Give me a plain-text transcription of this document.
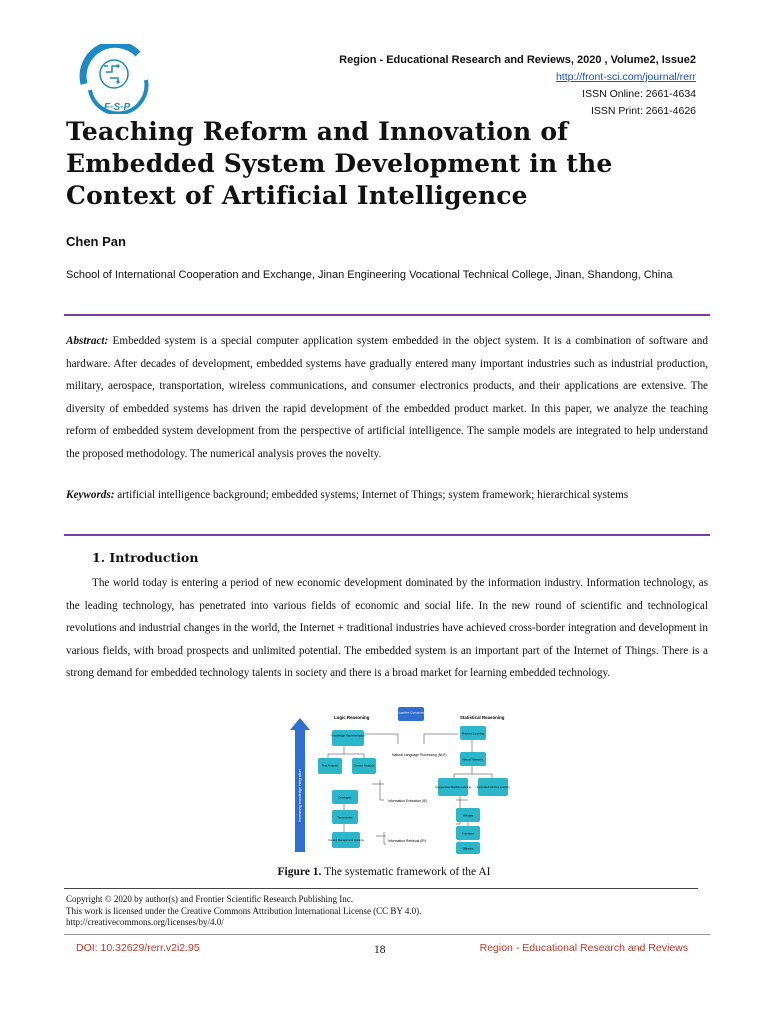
F·S·P
Region - Educational Research and Reviews, 2020 , Volume2, Issue2
http://front-sci.com/journal/rerr
ISSN Online: 2661-4634
ISSN Print: 2661-4626
Teaching Reform and Innovation of Embedded System Development in the Context of Artificial Intelligence
Chen Pan
School of International Cooperation and Exchange, Jinan Engineering Vocational Technical College, Jinan, Shandong, China
Abstract: Embedded system is a special computer application system embedded in the object system. It is a combination of software and hardware. After decades of development, embedded systems have gradually entered many important industries such as industrial production, military, aerospace, transportation, wireless communications, and consumer electronics products, and their applications are extensive. The diversity of embedded systems has driven the rapid development of the embedded product market. In this paper, we analyze the teaching reform of embedded system development from the perspective of artificial intelligence. The sample models are integrated to help understand the proposed methodology. The numerical analysis proves the novelty.
Keywords: artificial intelligence background; embedded systems; Internet of Things; system framework; hierarchical systems
1. Introduction
The world today is entering a period of new economic development dominated by the information industry. Information technology, as the leading technology, has penetrated into various fields of economic and social life. In the new round of scientific and technological revolutions and industrial changes in the world, the Internet + traditional industries have achieved cross-border integration and development in various fields, with broad prospects and unlimited potential. The embedded system is an important part of the Internet of Things. There is a strong demand for embedded technology talents in society and there is a broad market for learning embedded technology.
Increasing knowledge integration
Logic Reasoning	Statistical Reasoning
Cognitive Computing
Knowledge Representation
Text Analysis	Context Analysis
Ontologies
Taxonomies
Content Management Systems
Machine Learning
Neural Networks
Unsupervised Machine Learning Supervised Machine Learning
Wikidata
Freebase
DBpedia
Natural Language Processing (NLP)
Information Extraction (IE)
Information Retrieval (IR)
Figure 1. The systematic framework of the AI
Copyright © 2020 by author(s) and Frontier Scientific Research Publishing Inc.
This work is licensed under the Creative Commons Attribution International License (CC BY 4.0).
http://creativecommons.org/licenses/by/4.0/
DOI: 10.32629/rerr.v2i2.95	18	Region - Educational Research and Reviews
